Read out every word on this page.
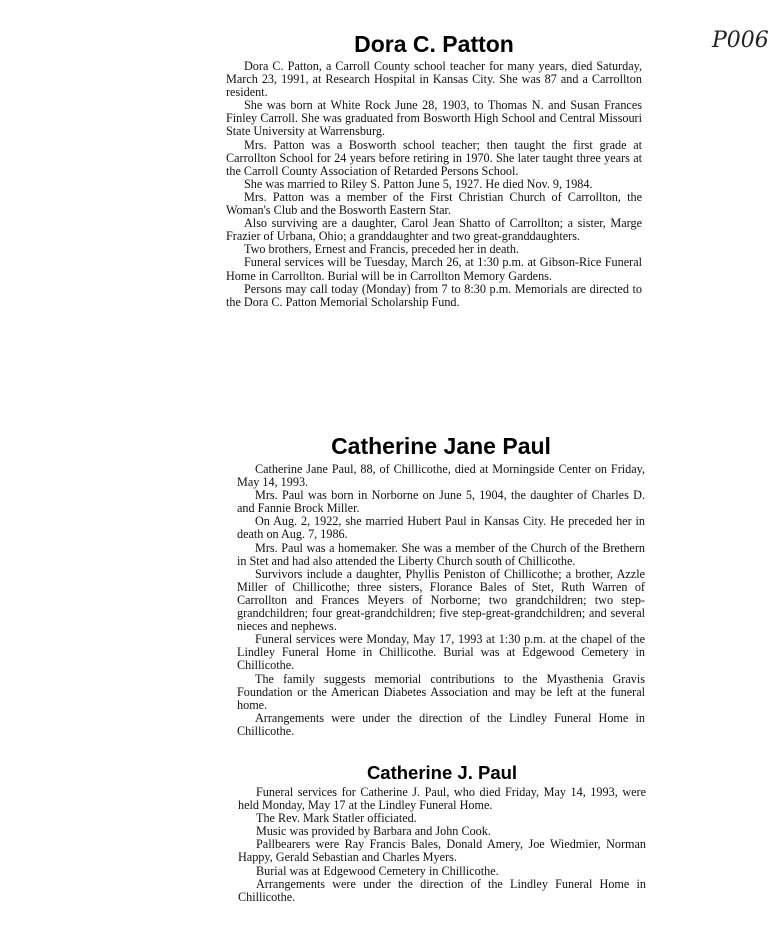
P006
Dora C. Patton

Dora C. Patton, a Carroll County school teacher for many years, died Saturday, March 23, 1991, at Research Hospital in Kansas City. She was 87 and a Carrollton resident.

She was born at White Rock June 28, 1903, to Thomas N. and Susan Frances Finley Carroll. She was graduated from Bosworth High School and Central Missouri State University at Warrensburg.

Mrs. Patton was a Bosworth school teacher; then taught the first grade at Carrollton School for 24 years before retiring in 1970. She later taught three years at the Carroll County Association of Retarded Persons School.

She was married to Riley S. Patton June 5, 1927. He died Nov. 9, 1984.

Mrs. Patton was a member of the First Christian Church of Carrollton, the Woman's Club and the Bosworth Eastern Star.

Also surviving are a daughter, Carol Jean Shatto of Carrollton; a sister, Marge Frazier of Urbana, Ohio; a granddaughter and two great-granddaughters.

Two brothers, Ernest and Francis, preceded her in death.

Funeral services will be Tuesday, March 26, at 1:30 p.m. at Gibson-Rice Funeral Home in Carrollton. Burial will be in Carrollton Memory Gardens.

Persons may call today (Monday) from 7 to 8:30 p.m. Memorials are directed to the Dora C. Patton Memorial Scholarship Fund.

Catherine Jane Paul

Catherine Jane Paul, 88, of Chillicothe, died at Morningside Center on Friday, May 14, 1993.

Mrs. Paul was born in Norborne on June 5, 1904, the daughter of Charles D. and Fannie Brock Miller.

On Aug. 2, 1922, she married Hubert Paul in Kansas City. He preceded her in death on Aug. 7, 1986.

Mrs. Paul was a homemaker. She was a member of the Church of the Brethern in Stet and had also attended the Liberty Church south of Chillicothe.

Survivors include a daughter, Phyllis Peniston of Chillicothe; a brother, Azzle Miller of Chillicothe; three sisters, Florance Bales of Stet, Ruth Warren of Carrollton and Frances Meyers of Norborne; two grandchildren; two step-grandchildren; four great-grandchildren; five step-great-grandchildren; and several nieces and nephews.

Funeral services were Monday, May 17, 1993 at 1:30 p.m. at the chapel of the Lindley Funeral Home in Chillicothe. Burial was at Edgewood Cemetery in Chillicothe.

The family suggests memorial contributions to the Myasthenia Gravis Foundation or the American Diabetes Association and may be left at the funeral home.

Arrangements were under the direction of the Lindley Funeral Home in Chillicothe.

Catherine J. Paul

Funeral services for Catherine J. Paul, who died Friday, May 14, 1993, were held Monday, May 17 at the Lindley Funeral Home.

The Rev. Mark Statler officiated.

Music was provided by Barbara and John Cook.

Pallbearers were Ray Francis Bales, Donald Amery, Joe Wiedmier, Norman Happy, Gerald Sebastian and Charles Myers.

Burial was at Edgewood Cemetery in Chillicothe.

Arrangements were under the direction of the Lindley Funeral Home in Chillicothe.
